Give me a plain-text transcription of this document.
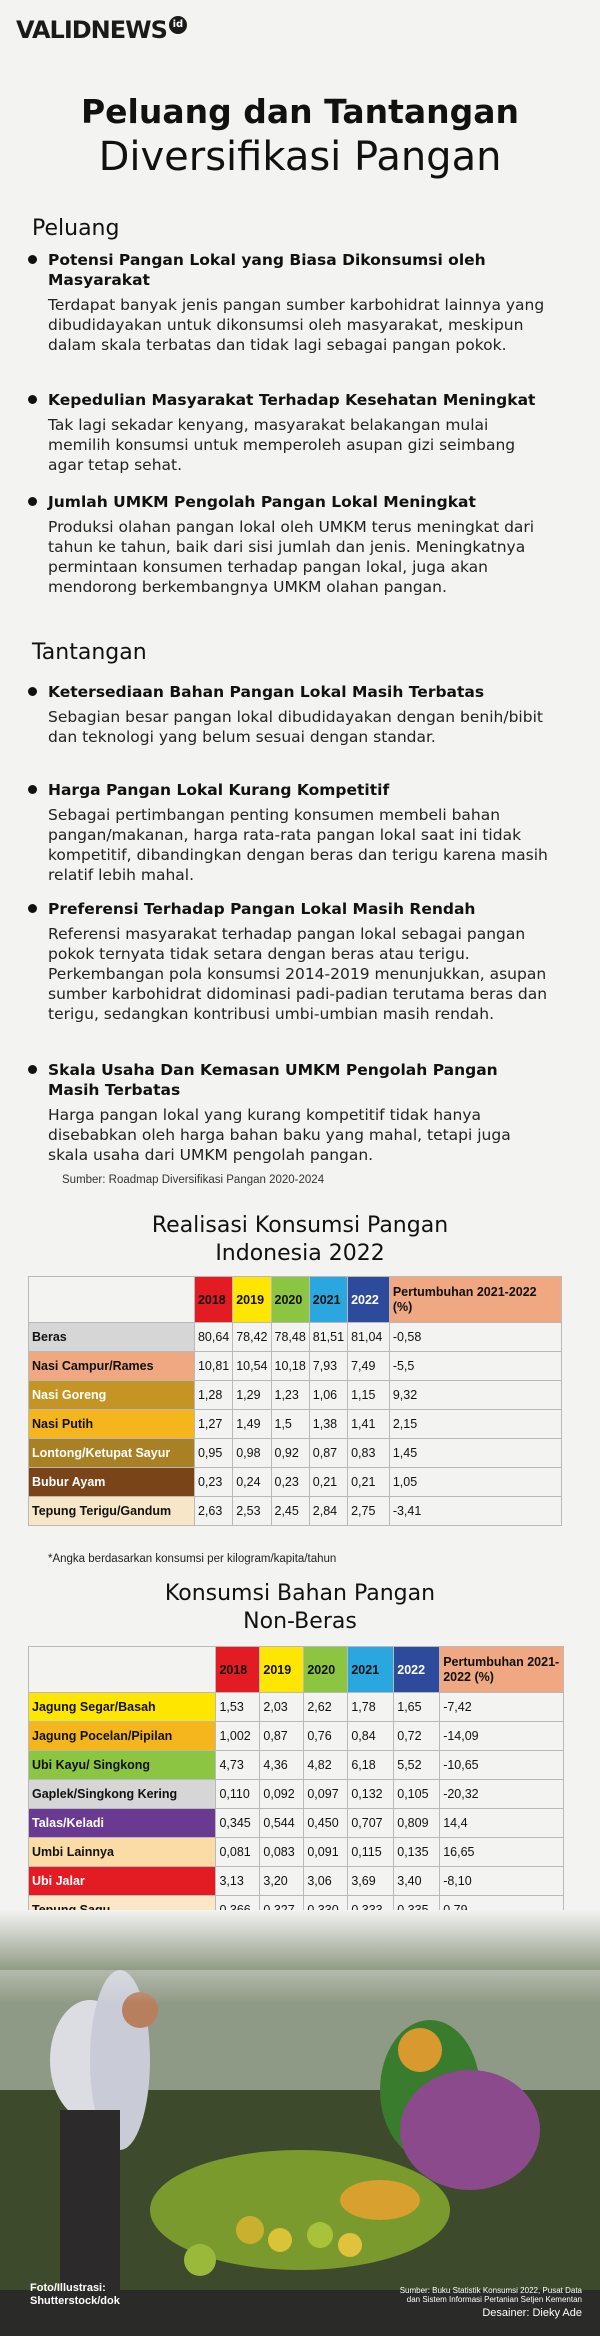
VALIDNEWS id
Peluang dan Tantangan
Diversifikasi Pangan
Peluang
Potensi Pangan Lokal yang Biasa Dikonsumsi oleh Masyarakat
Terdapat banyak jenis pangan sumber karbohidrat lainnya yang dibudidayakan untuk dikonsumsi oleh masyarakat, meskipun dalam skala terbatas dan tidak lagi sebagai pangan pokok.
Kepedulian Masyarakat Terhadap Kesehatan Meningkat
Tak lagi sekadar kenyang, masyarakat belakangan mulai memilih konsumsi untuk memperoleh asupan gizi seimbang agar tetap sehat.
Jumlah UMKM Pengolah Pangan Lokal Meningkat
Produksi olahan pangan lokal oleh UMKM terus meningkat dari tahun ke tahun, baik dari sisi jumlah dan jenis. Meningkatnya permintaan konsumen terhadap pangan lokal, juga akan mendorong berkembangnya UMKM olahan pangan.
Tantangan
Ketersediaan Bahan Pangan Lokal Masih Terbatas
Sebagian besar pangan lokal dibudidayakan dengan benih/bibit dan teknologi yang belum sesuai dengan standar.
Harga Pangan Lokal Kurang Kompetitif
Sebagai pertimbangan penting konsumen membeli bahan pangan/makanan, harga rata-rata pangan lokal saat ini tidak kompetitif, dibandingkan dengan beras dan terigu karena masih relatif lebih mahal.
Preferensi Terhadap Pangan Lokal Masih Rendah
Referensi masyarakat terhadap pangan lokal sebagai pangan pokok ternyata tidak setara dengan beras atau terigu. Perkembangan pola konsumsi 2014-2019 menunjukkan, asupan sumber karbohidrat didominasi padi-padian terutama beras dan terigu, sedangkan kontribusi umbi-umbian masih rendah.
Skala Usaha Dan Kemasan UMKM Pengolah Pangan Masih Terbatas
Harga pangan lokal yang kurang kompetitif tidak hanya disebabkan oleh harga bahan baku yang mahal, tetapi juga skala usaha dari UMKM pengolah pangan.
Sumber: Roadmap Diversifikasi Pangan 2020-2024
Realisasi Konsumsi Pangan
Indonesia 2022
	2018	2019	2020	2021	2022	Pertumbuhan 2021-2022 (%)
Beras	80,64	78,42	78,48	81,51	81,04	-0,58
Nasi Campur/Rames	10,81	10,54	10,18	7,93	7,49	-5,5
Nasi Goreng	1,28	1,29	1,23	1,06	1,15	9,32
Nasi Putih	1,27	1,49	1,5	1,38	1,41	2,15
Lontong/Ketupat Sayur	0,95	0,98	0,92	0,87	0,83	1,45
Bubur Ayam	0,23	0,24	0,23	0,21	0,21	1,05
Tepung Terigu/Gandum	2,63	2,53	2,45	2,84	2,75	-3,41
*Angka berdasarkan konsumsi per kilogram/kapita/tahun
Konsumsi Bahan Pangan
Non-Beras
	2018	2019	2020	2021	2022	Pertumbuhan 2021-2022 (%)
Jagung Segar/Basah	1,53	2,03	2,62	1,78	1,65	-7,42
Jagung Pocelan/Pipilan	1,002	0,87	0,76	0,84	0,72	-14,09
Ubi Kayu/ Singkong	4,73	4,36	4,82	6,18	5,52	-10,65
Gaplek/Singkong Kering	0,110	0,092	0,097	0,132	0,105	-20,32
Talas/Keladi	0,345	0,544	0,450	0,707	0,809	14,4
Umbi Lainnya	0,081	0,083	0,091	0,115	0,135	16,65
Ubi Jalar	3,13	3,20	3,06	3,69	3,40	-8,10

Foto/Illustrasi:
Shutterstock/dok
Sumber: Buku Statistik Konsumsi 2022, Pusat Data
dan Sistem Informasi Pertanian Setjen Kementan
Desainer: Dieky Ade
